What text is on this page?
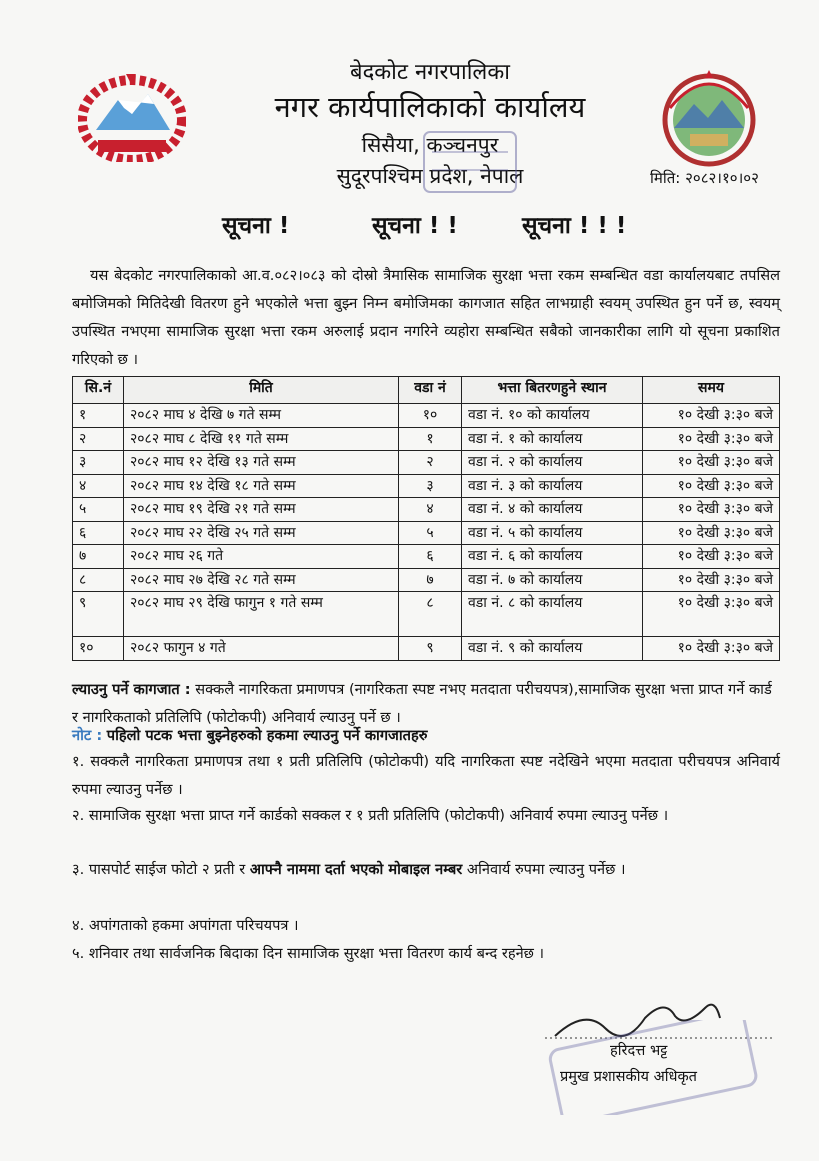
बेदकोट नगरपालिका
नगर कार्यपालिकाको कार्यालय
सिसैया, कञ्चनपुर
सुदूरपश्चिम प्रदेश, नेपाल	मिति: २०८२।१०।०२
सूचना !	सूचना ! !	सूचना ! ! !
यस बेदकोट नगरपालिकाको आ.व.०८२।०८३ को दोस्रो त्रैमासिक सामाजिक सुरक्षा भत्ता रकम सम्बन्धित वडा कार्यालयबाट तपसिल बमोजिमको मितिदेखी वितरण हुने भएकोले भत्ता बुझ्न निम्न बमोजिमका कागजात सहित लाभग्राही स्वयम् उपस्थित हुन पर्ने छ, स्वयम् उपस्थित नभएमा सामाजिक सुरक्षा भत्ता रकम अरुलाई प्रदान नगरिने व्यहोरा सम्बन्धित सबैको जानकारीका लागि यो सूचना प्रकाशित गरिएको छ ।
सि.नं	मिति	वडा नं	भत्ता बितरणहुने स्थान	समय
१	२०८२ माघ ४ देखि ७ गते सम्म	१०	वडा नं. १० को कार्यालय	१० देखी ३:३० बजे
२	२०८२ माघ ८ देखि ११ गते सम्म	१	वडा नं. १ को कार्यालय	१० देखी ३:३० बजे
३	२०८२ माघ १२ देखि १३ गते सम्म	२	वडा नं. २ को कार्यालय	१० देखी ३:३० बजे
४	२०८२ माघ १४ देखि १८ गते सम्म	३	वडा नं. ३ को कार्यालय	१० देखी ३:३० बजे
५	२०८२ माघ १९ देखि २१ गते सम्म	४	वडा नं. ४ को कार्यालय	१० देखी ३:३० बजे
६	२०८२ माघ २२ देखि २५ गते सम्म	५	वडा नं. ५ को कार्यालय	१० देखी ३:३० बजे
७	२०८२ माघ २६ गते	६	वडा नं. ६ को कार्यालय	१० देखी ३:३० बजे
८	२०८२ माघ २७ देखि २८ गते सम्म	७	वडा नं. ७ को कार्यालय	१० देखी ३:३० बजे
९	२०८२ माघ २९ देखि फागुन १ गते सम्म	८	वडा नं. ८ को कार्यालय	१० देखी ३:३० बजे
१०	२०८२ फागुन ४ गते	९	वडा नं. ९ को कार्यालय	१० देखी ३:३० बजे
ल्याउनु पर्ने कागजात : सक्कलै नागरिकता प्रमाणपत्र (नागरिकता स्पष्ट नभए मतदाता परीचयपत्र),सामाजिक सुरक्षा भत्ता प्राप्त गर्ने कार्ड र नागरिकताको प्रतिलिपि (फोटोकपी) अनिवार्य ल्याउनु पर्ने छ ।
नोट : पहिलो पटक भत्ता बुझ्नेहरुको हकमा ल्याउनु पर्ने कागजातहरु

१. सक्कलै नागरिकता प्रमाणपत्र तथा १ प्रती प्रतिलिपि (फोटोकपी) यदि नागरिकता स्पष्ट नदेखिने भएमा मतदाता परीचयपत्र अनिवार्य रुपमा ल्याउनु पर्नेछ ।

२. सामाजिक सुरक्षा भत्ता प्राप्त गर्ने कार्डको सक्कल र १ प्रती प्रतिलिपि (फोटोकपी) अनिवार्य रुपमा ल्याउनु पर्नेछ ।

३. पासपोर्ट साईज फोटो २ प्रती र आफ्नै नाममा दर्ता भएको मोबाइल नम्बर अनिवार्य रुपमा ल्याउनु पर्नेछ ।

४. अपांगताको हकमा अपांगता परिचयपत्र ।

५. शनिवार तथा सार्वजनिक बिदाका दिन सामाजिक सुरक्षा भत्ता वितरण कार्य बन्द रहनेछ ।

हरिदत्त भट्ट
प्रमुख प्रशासकीय अधिकृत
